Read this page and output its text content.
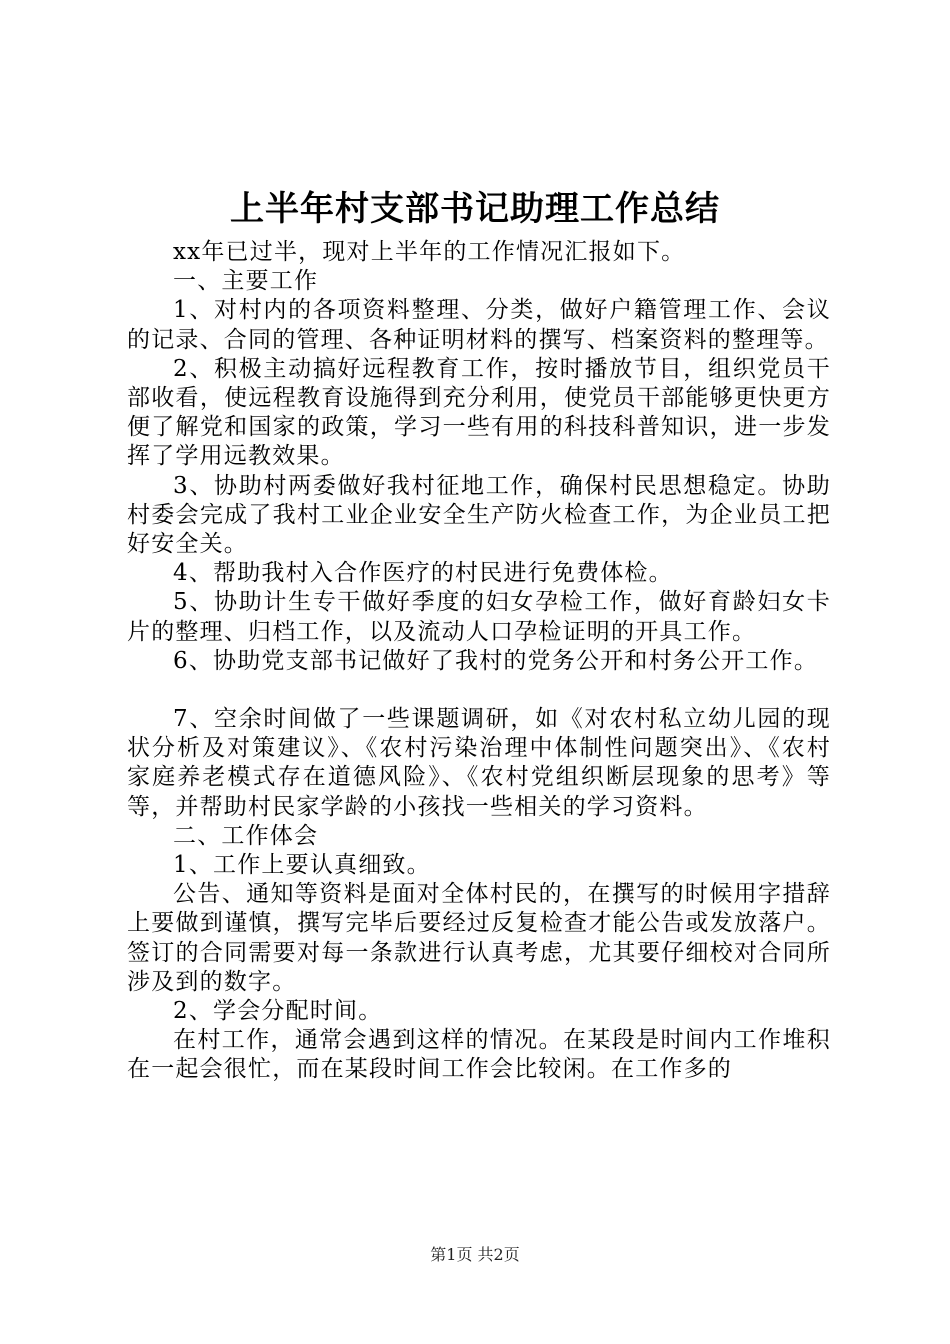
上半年村支部书记助理工作总结

xx年已过半，现对上半年的工作情况汇报如下。

一、主要工作

1、对村内的各项资料整理、分类，做好户籍管理工作、会议的记录、合同的管理、各种证明材料的撰写、档案资料的整理等。

2、积极主动搞好远程教育工作，按时播放节目，组织党员干部收看，使远程教育设施得到充分利用，使党员干部能够更快更方便了解党和国家的政策，学习一些有用的科技科普知识，进一步发挥了学用远教效果。

3、协助村两委做好我村征地工作，确保村民思想稳定。协助村委会完成了我村工业企业安全生产防火检查工作，为企业员工把好安全关。

4、帮助我村入合作医疗的村民进行免费体检。

5、协助计生专干做好季度的妇女孕检工作，做好育龄妇女卡片的整理、归档工作，以及流动人口孕检证明的开具工作。

6、协助党支部书记做好了我村的党务公开和村务公开工作。

7、空余时间做了一些课题调研，如《对农村私立幼儿园的现状分析及对策建议》、《农村污染治理中体制性问题突出》、《农村家庭养老模式存在道德风险》、《农村党组织断层现象的思考》等等，并帮助村民家学龄的小孩找一些相关的学习资料。

二、工作体会

1、工作上要认真细致。

公告、通知等资料是面对全体村民的，在撰写的时候用字措辞上要做到谨慎，撰写完毕后要经过反复检查才能公告或发放落户。签订的合同需要对每一条款进行认真考虑，尤其要仔细校对合同所涉及到的数字。

2、学会分配时间。

在村工作，通常会遇到这样的情况。在某段是时间内工作堆积在一起会很忙，而在某段时间工作会比较闲。在工作多的

第1页 共2页
